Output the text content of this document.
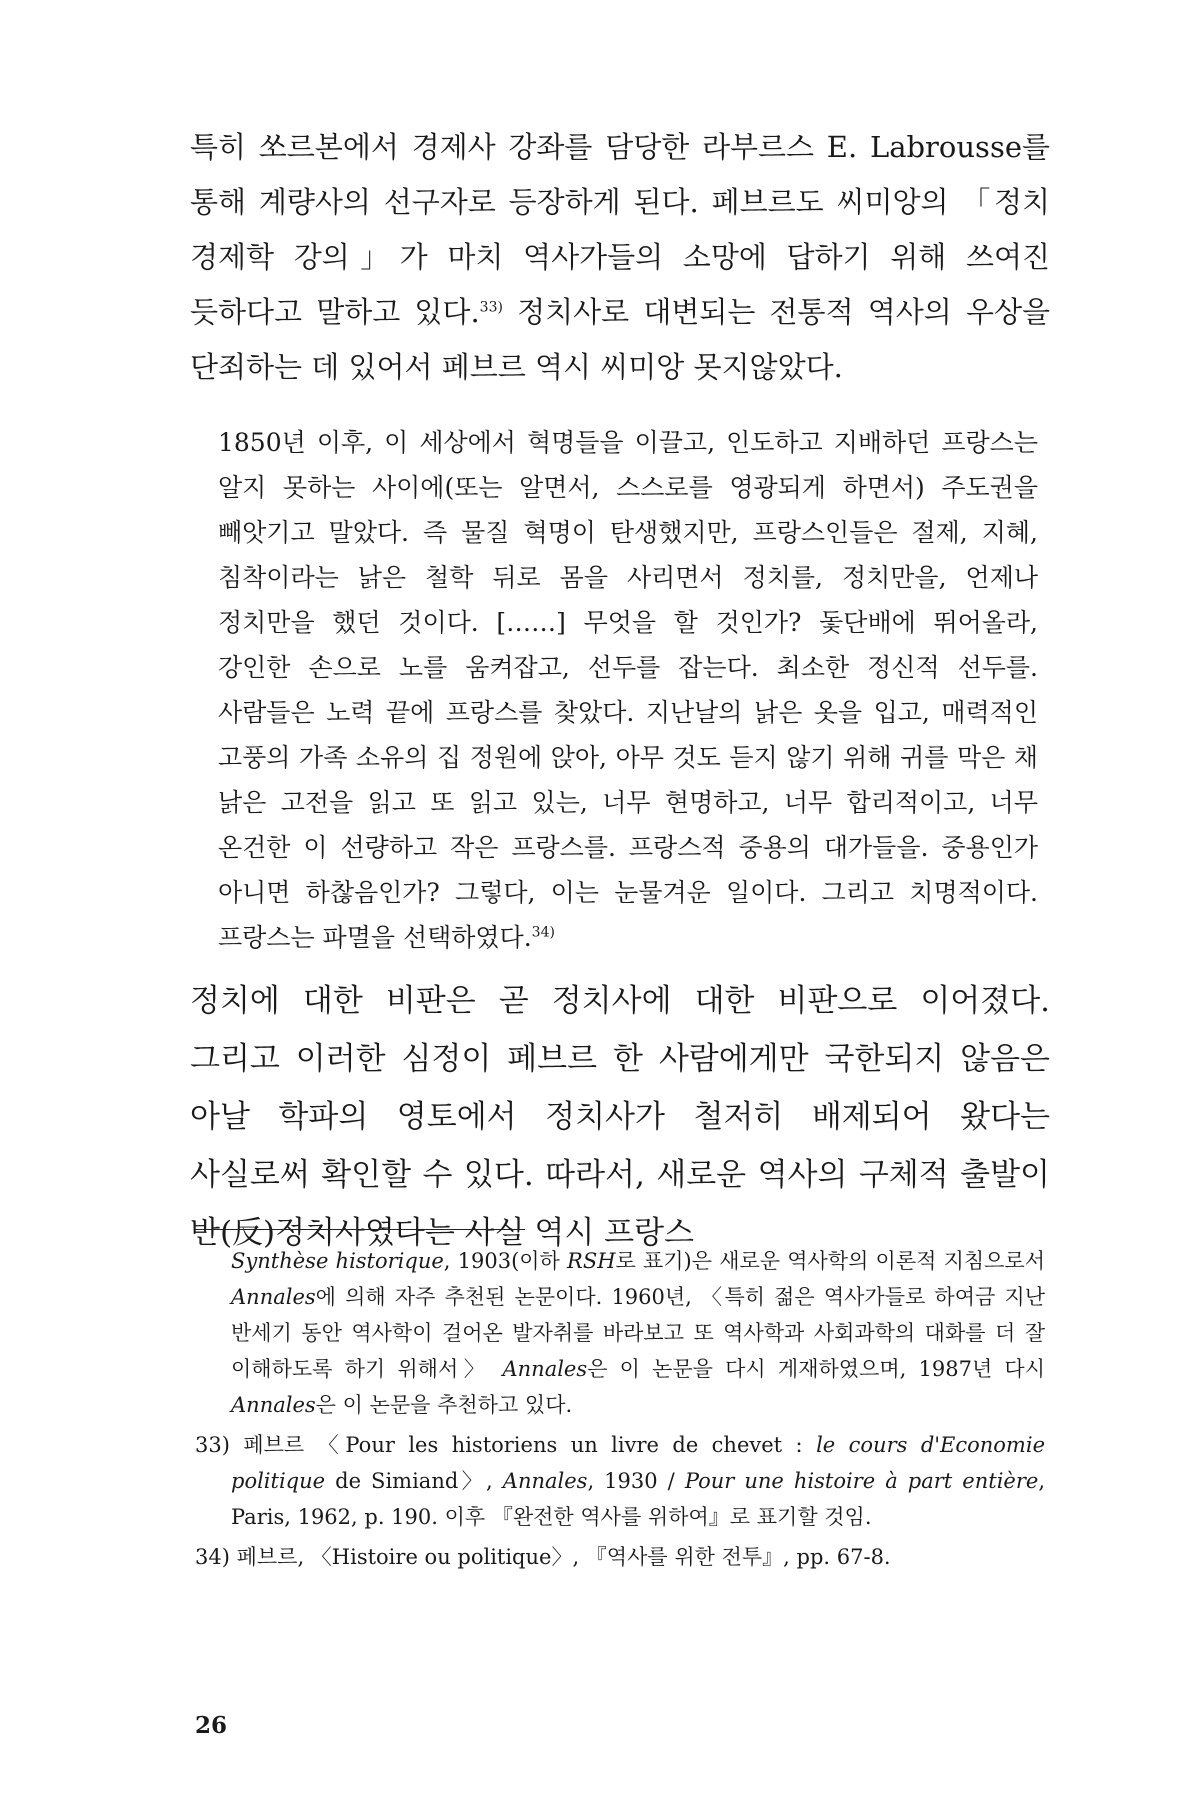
특히 쏘르본에서 경제사 강좌를 담당한 라부르스 E. Labrousse를 통해 계량사의 선구자로 등장하게 된다. 페브르도 씨미앙의 「정치 경제학 강의」가 마치 역사가들의 소망에 답하기 위해 쓰여진 듯하다고 말하고 있다.$^{33)}$ 정치사로 대변되는 전통적 역사의 우상을 단죄하는 데 있어서 페브르 역시 씨미앙 못지않았다.

1850년 이후, 이 세상에서 혁명들을 이끌고, 인도하고 지배하던 프랑스는 알지 못하는 사이에(또는 알면서, 스스로를 영광되게 하면서) 주도권을 빼앗기고 말았다. 즉 물질 혁명이 탄생했지만, 프랑스인들은 절제, 지혜, 침착이라는 낡은 철학 뒤로 몸을 사리면서 정치를, 정치만을, 언제나 정치만을 했던 것이다. [……] 무엇을 할 것인가? 돛단배에 뛰어올라, 강인한 손으로 노를 움켜잡고, 선두를 잡는다. 최소한 정신적 선두를. 사람들은 노력 끝에 프랑스를 찾았다. 지난날의 낡은 옷을 입고, 매력적인 고풍의 가족 소유의 집 정원에 앉아, 아무 것도 듣지 않기 위해 귀를 막은 채 낡은 고전을 읽고 또 읽고 있는, 너무 현명하고, 너무 합리적이고, 너무 온건한 이 선량하고 작은 프랑스를. 프랑스적 중용의 대가들을. 중용인가 아니면 하찮음인가? 그렇다, 이는 눈물겨운 일이다. 그리고 치명적이다. 프랑스는 파멸을 선택하였다.$^{34)}$

정치에 대한 비판은 곧 정치사에 대한 비판으로 이어졌다. 그리고 이러한 심정이 페브르 한 사람에게만 국한되지 않음은 아날 학파의 영토에서 정치사가 철저히 배제되어 왔다는 사실로써 확인할 수 있다. 따라서, 새로운 역사의 구체적 출발이 반(反)정치사였다는 사실 역시 프랑스

Synthèse historique, 1903(이하 RSH로 표기)은 새로운 역사학의 이론적 지침으로서 Annales에 의해 자주 추천된 논문이다. 1960년, 〈특히 젊은 역사가들로 하여금 지난 반세기 동안 역사학이 걸어온 발자취를 바라보고 또 역사학과 사회과학의 대화를 더 잘 이해하도록 하기 위해서〉 Annales은 이 논문을 다시 게재하였으며, 1987년 다시 Annales은 이 논문을 추천하고 있다.

33) 페브르 〈Pour les historiens un livre de chevet : le cours d'Economie politique de Simiand〉, Annales, 1930 / Pour une histoire à part entière, Paris, 1962, p. 190. 이후 『완전한 역사를 위하여』로 표기할 것임.

34) 페브르, 〈Histoire ou politique〉, 『역사를 위한 전투』, pp. 67-8.

26
